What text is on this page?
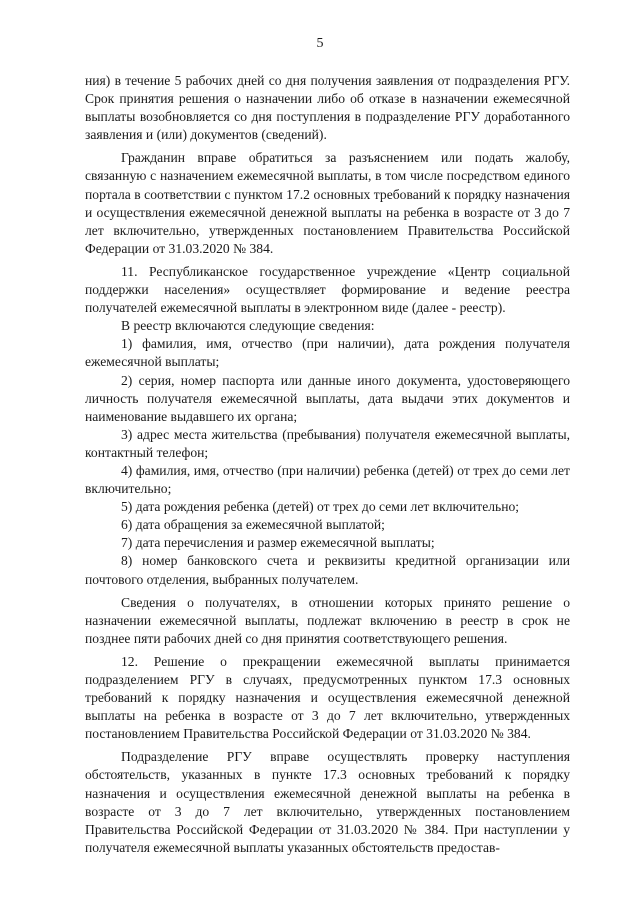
5

ния) в течение 5 рабочих дней со дня получения заявления от подразделения РГУ. Срок принятия решения о назначении либо об отказе в назначении ежемесячной выплаты возобновляется со дня поступления в подразделение РГУ доработанного заявления и (или) документов (сведений).

Гражданин вправе обратиться за разъяснением или подать жалобу, связанную с назначением ежемесячной выплаты, в том числе посредством единого портала в соответствии с пунктом 17.2 основных требований к порядку назначения и осуществления ежемесячной денежной выплаты на ребенка в возрасте от 3 до 7 лет включительно, утвержденных постановлением Правительства Российской Федерации от 31.03.2020 № 384.

11. Республиканское государственное учреждение «Центр социальной поддержки населения» осуществляет формирование и ведение реестра получателей ежемесячной выплаты в электронном виде (далее - реестр).

В реестр включаются следующие сведения:

1) фамилия, имя, отчество (при наличии), дата рождения получателя ежемесячной выплаты;

2) серия, номер паспорта или данные иного документа, удостоверяющего личность получателя ежемесячной выплаты, дата выдачи этих документов и наименование выдавшего их органа;

3) адрес места жительства (пребывания) получателя ежемесячной выплаты, контактный телефон;

4) фамилия, имя, отчество (при наличии) ребенка (детей) от трех до семи лет включительно;

5) дата рождения ребенка (детей) от трех до семи лет включительно;

6) дата обращения за ежемесячной выплатой;

7) дата перечисления и размер ежемесячной выплаты;

8) номер банковского счета и реквизиты кредитной организации или почтового отделения, выбранных получателем.

Сведения о получателях, в отношении которых принято решение о назначении ежемесячной выплаты, подлежат включению в реестр в срок не позднее пяти рабочих дней со дня принятия соответствующего решения.

12. Решение о прекращении ежемесячной выплаты принимается подразделением РГУ в случаях, предусмотренных пунктом 17.3 основных требований к порядку назначения и осуществления ежемесячной денежной выплаты на ребенка в возрасте от 3 до 7 лет включительно, утвержденных постановлением Правительства Российской Федерации от 31.03.2020 № 384.

Подразделение РГУ вправе осуществлять проверку наступления обстоятельств, указанных в пункте 17.3 основных требований к порядку назначения и осуществления ежемесячной денежной выплаты на ребенка в возрасте от 3 до 7 лет включительно, утвержденных постановлением Правительства Российской Федерации от 31.03.2020 № 384. При наступлении у получателя ежемесячной выплаты указанных обстоятельств предостав-
